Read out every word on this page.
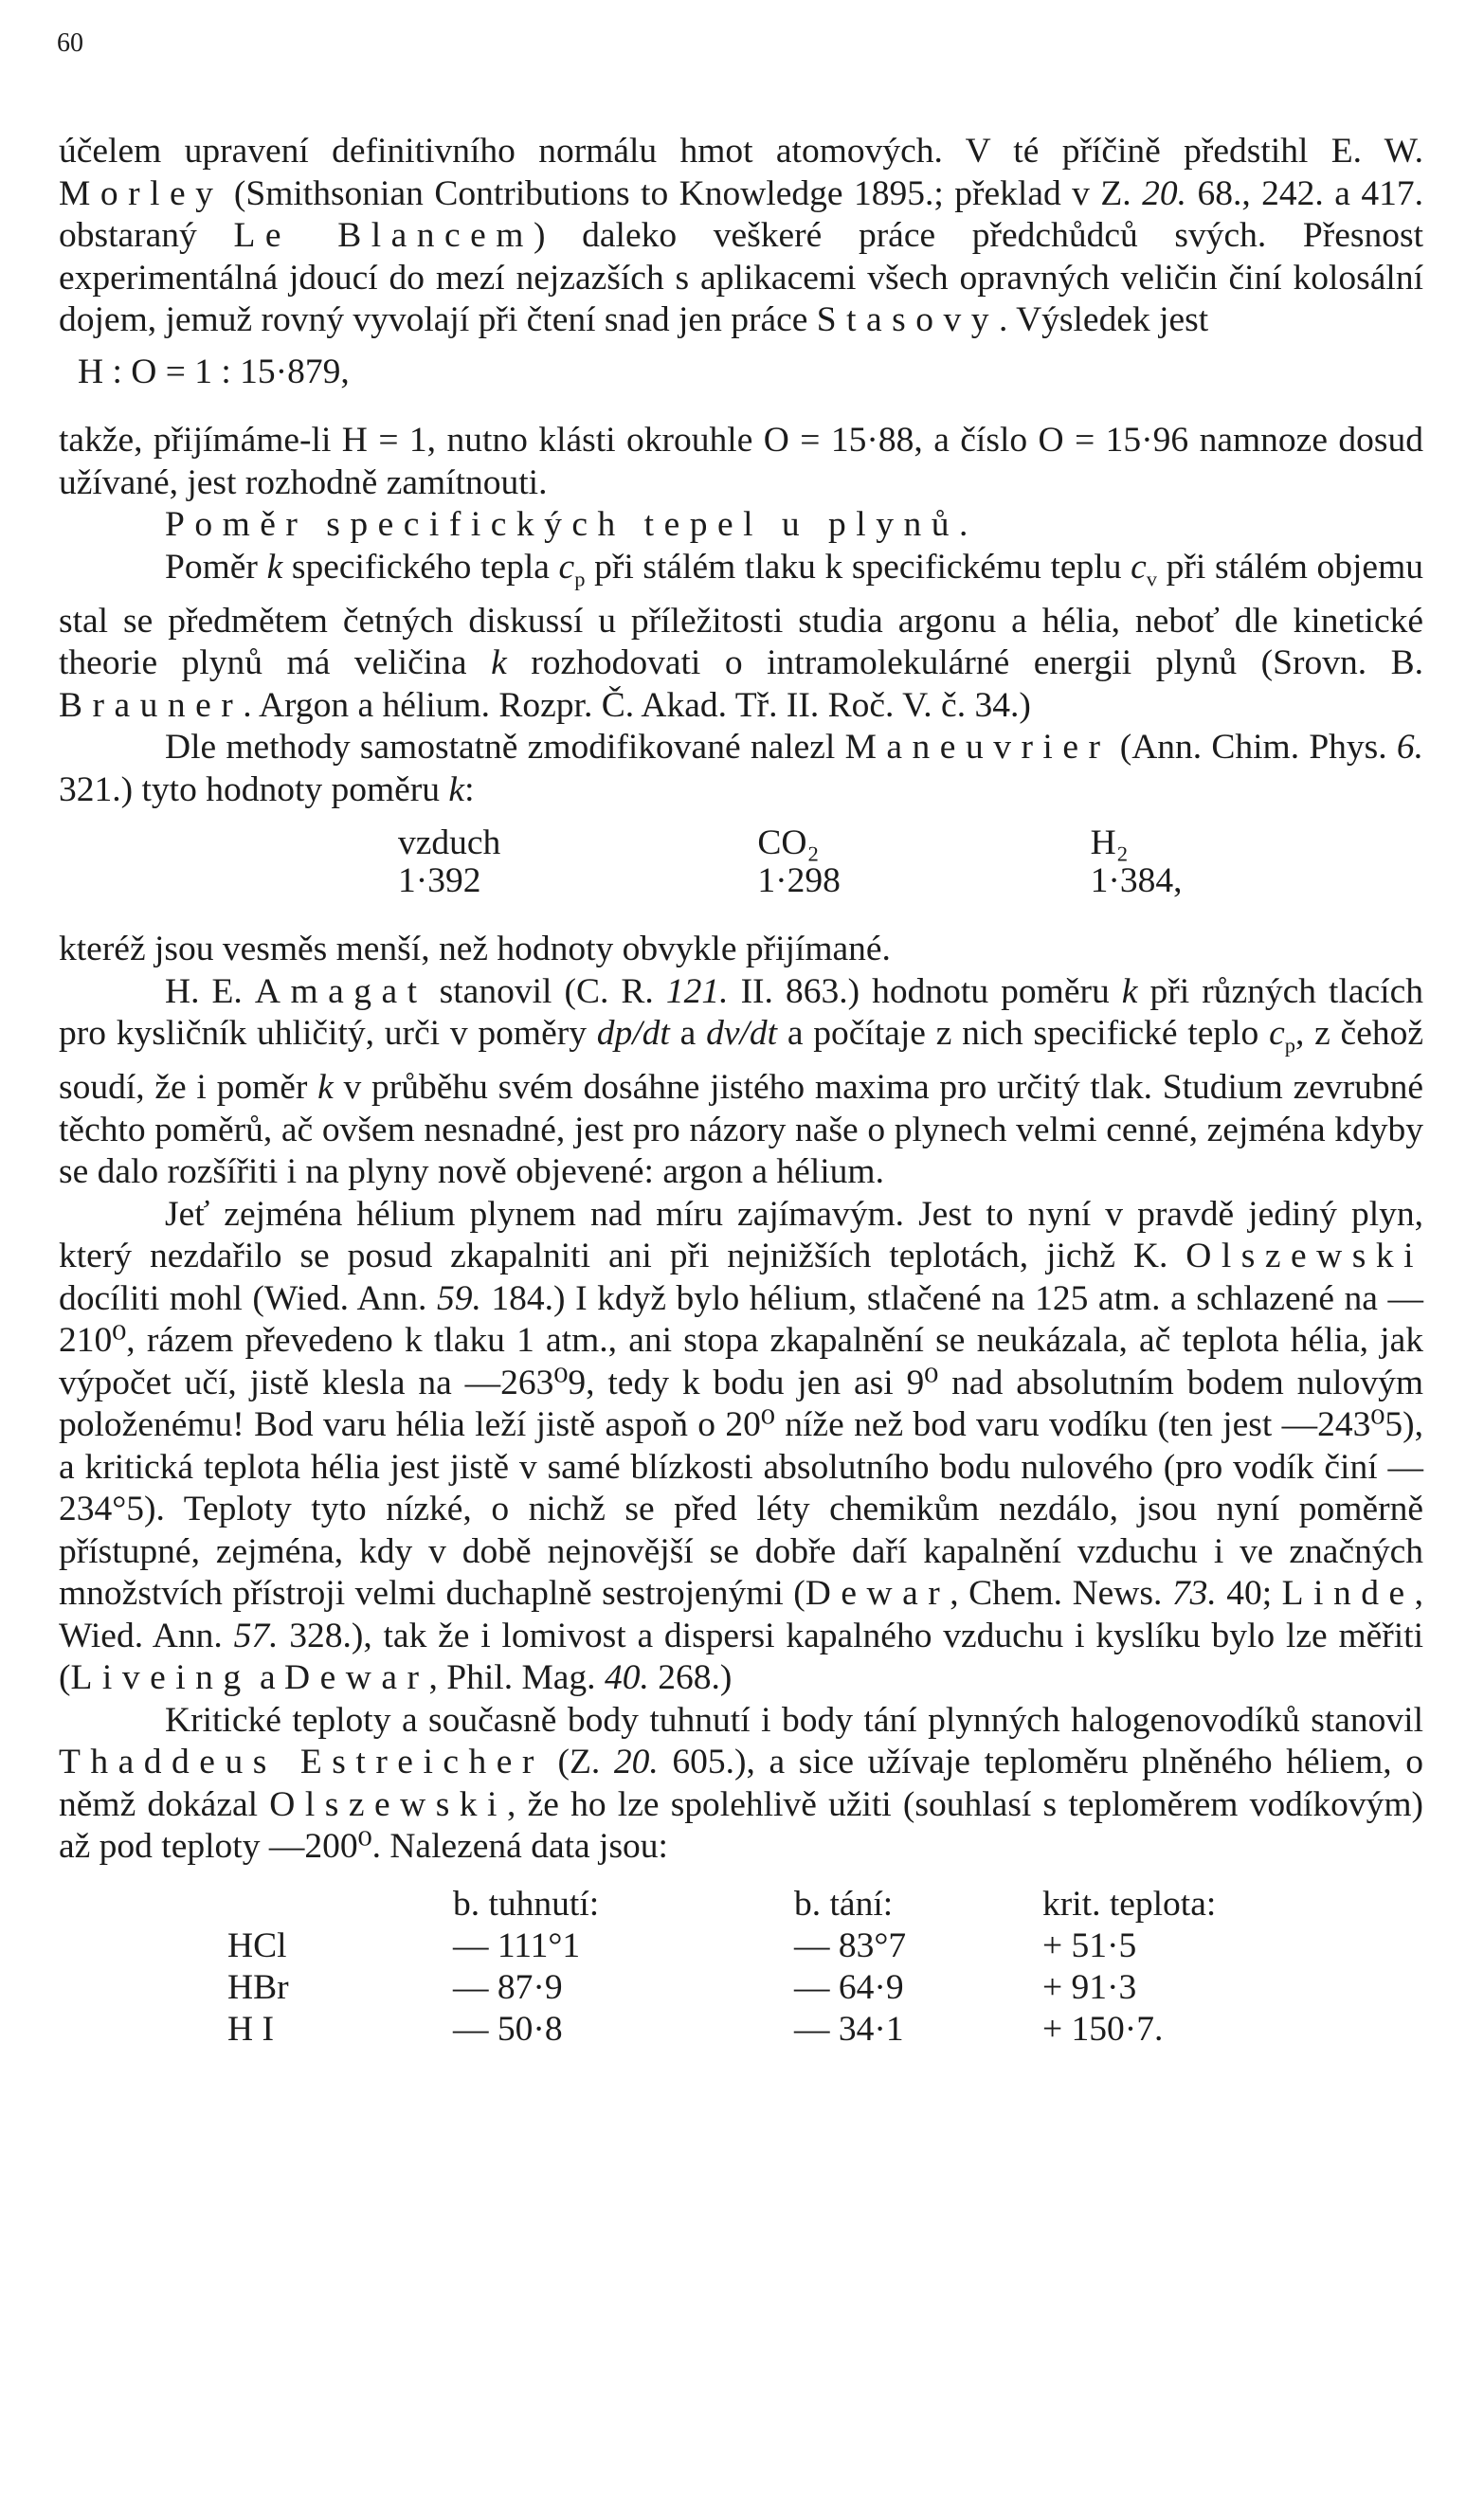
60

účelem upravení definitivního normálu hmot atomových. V té příčině předstihl E. W. Morley (Smithsonian Contributions to Knowledge 1895.; překlad v Z. 20. 68., 242. a 417. obstaraný Le Blancem) daleko veškeré práce předchůdců svých. Přesnost experimentálná jdoucí do mezí nejzazších s aplikacemi všech opravných veličin činí kolosální dojem, jemuž rovný vyvolají při čtení snad jen práce Stasovy. Výsledek jest

H : O = 1 : 15·879,

takže, přijímáme-li H = 1, nutno klásti okrouhle O = 15·88, a číslo O = 15·96 namnoze dosud užívané, jest rozhodně zamítnouti.

Poměr specifických tepel u plynů.

Poměr k specifického tepla $c_p$ při stálém tlaku k specifickému teplu $c_v$ při stálém objemu stal se předmětem četných diskussí u příležitosti studia argonu a hélia, neboť dle kinetické theorie plynů má veličina k rozhodovati o intramolekulárné energii plynů (Srovn. B. Brauner. Argon a hélium. Rozpr. Č. Akad. Tř. II. Roč. V. č. 34.)

Dle methody samostatně zmodifikované nalezl Maneuvrier (Ann. Chim. Phys. 6. 321.) tyto hodnoty poměru k:

vzduch	CO₂	H₂
1·392	1·298	1·384,

kteréž jsou vesměs menší, než hodnoty obvykle přijímané.

H. E. Amagat stanovil (C. R. 121. II. 863.) hodnotu poměru k při různých tlacích pro kysličník uhličitý, urči v poměry dp/dt a dv/dt a počítaje z nich specifické teplo $c_p$, z čehož soudí, že i poměr k v průběhu svém dosáhne jistého maxima pro určitý tlak. Studium zevrubné těchto poměrů, ač ovšem nesnadné, jest pro názory naše o plynech velmi cenné, zejména kdyby se dalo rozšířiti i na plyny nově objevené: argon a hélium.

Jeť zejména hélium plynem nad míru zajímavým. Jest to nyní v pravdě jediný plyn, který nezdařilo se posud zkapalniti ani při nejnižších teplotách, jichž K. Olszewski docíliti mohl (Wied. Ann. 59. 184.) I když bylo hélium, stlačené na 125 atm. a schlazené na —210⁰, rázem převedeno k tlaku 1 atm., ani stopa zkapalnění se neukázala, ač teplota hélia, jak výpočet učí, jistě klesla na —263⁰9, tedy k bodu jen asi 9⁰ nad absolutním bodem nulovým položenému! Bod varu hélia leží jistě aspoň o 20⁰ níže než bod varu vodíku (ten jest —243⁰5), a kritická teplota hélia jest jistě v samé blízkosti absolutního bodu nulového (pro vodík činí —234°5). Teploty tyto nízké, o nichž se před léty chemikům nezdálo, jsou nyní poměrně přístupné, zejména, kdy v době nejnovější se dobře daří kapalnění vzduchu i ve značných množstvích přístroji velmi duchaplně sestrojenými (Dewar, Chem. News. 73. 40; Linde, Wied. Ann. 57. 328.), tak že i lomivost a dispersi kapalného vzduchu i kyslíku bylo lze měřiti (Liveing a Dewar, Phil. Mag. 40. 268.)

Kritické teploty a současně body tuhnutí i body tání plynných halogenovodíků stanovil Thaddeus Estreicher (Z. 20. 605.), a sice užívaje teploměru plněného héliem, o němž dokázal Olszewski, že ho lze spolehlivě užiti (souhlasí s teploměrem vodíkovým) až pod teploty —200⁰. Nalezená data jsou:

	b. tuhnutí:	b. tání:	krit. teplota:
HCl	— 111°1	— 83°7	+ 51·5
HBr	— 87·9	— 64·9	+ 91·3
H I	— 50·8	— 34·1	+ 150·7.
